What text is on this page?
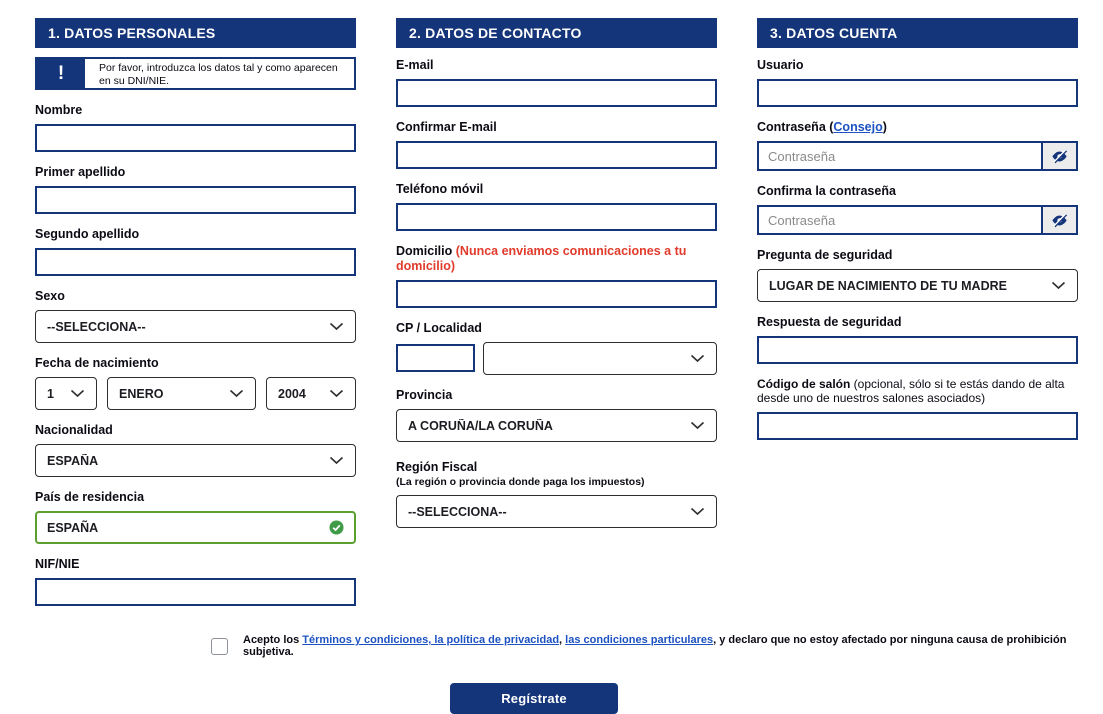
1. DATOS PERSONALES
!	Por favor, introduzca los datos tal y como aparecen en su DNI/NIE.
Nombre
Primer apellido
Segundo apellido
Sexo
--SELECCIONA--
Fecha de nacimiento
1	ENERO	2004
Nacionalidad
ESPAÑA
País de residencia
ESPAÑA
NIF/NIE
2. DATOS DE CONTACTO
E-mail
Confirmar E-mail
Teléfono móvil
Domicilio (Nunca enviamos comunicaciones a tu domicilio)
CP / Localidad
Provincia
A CORUÑA/LA CORUÑA
Región Fiscal
(La región o provincia donde paga los impuestos)
--SELECCIONA--
3. DATOS CUENTA
Usuario
Contraseña (Consejo)
Confirma la contraseña
Pregunta de seguridad
LUGAR DE NACIMIENTO DE TU MADRE
Respuesta de seguridad
Código de salón (opcional, sólo si te estás dando de alta desde uno de nuestros salones asociados)
Acepto los Términos y condiciones, la política de privacidad, las condiciones particulares, y declaro que no estoy afectado por ninguna causa de prohibición subjetiva.
Regístrate
